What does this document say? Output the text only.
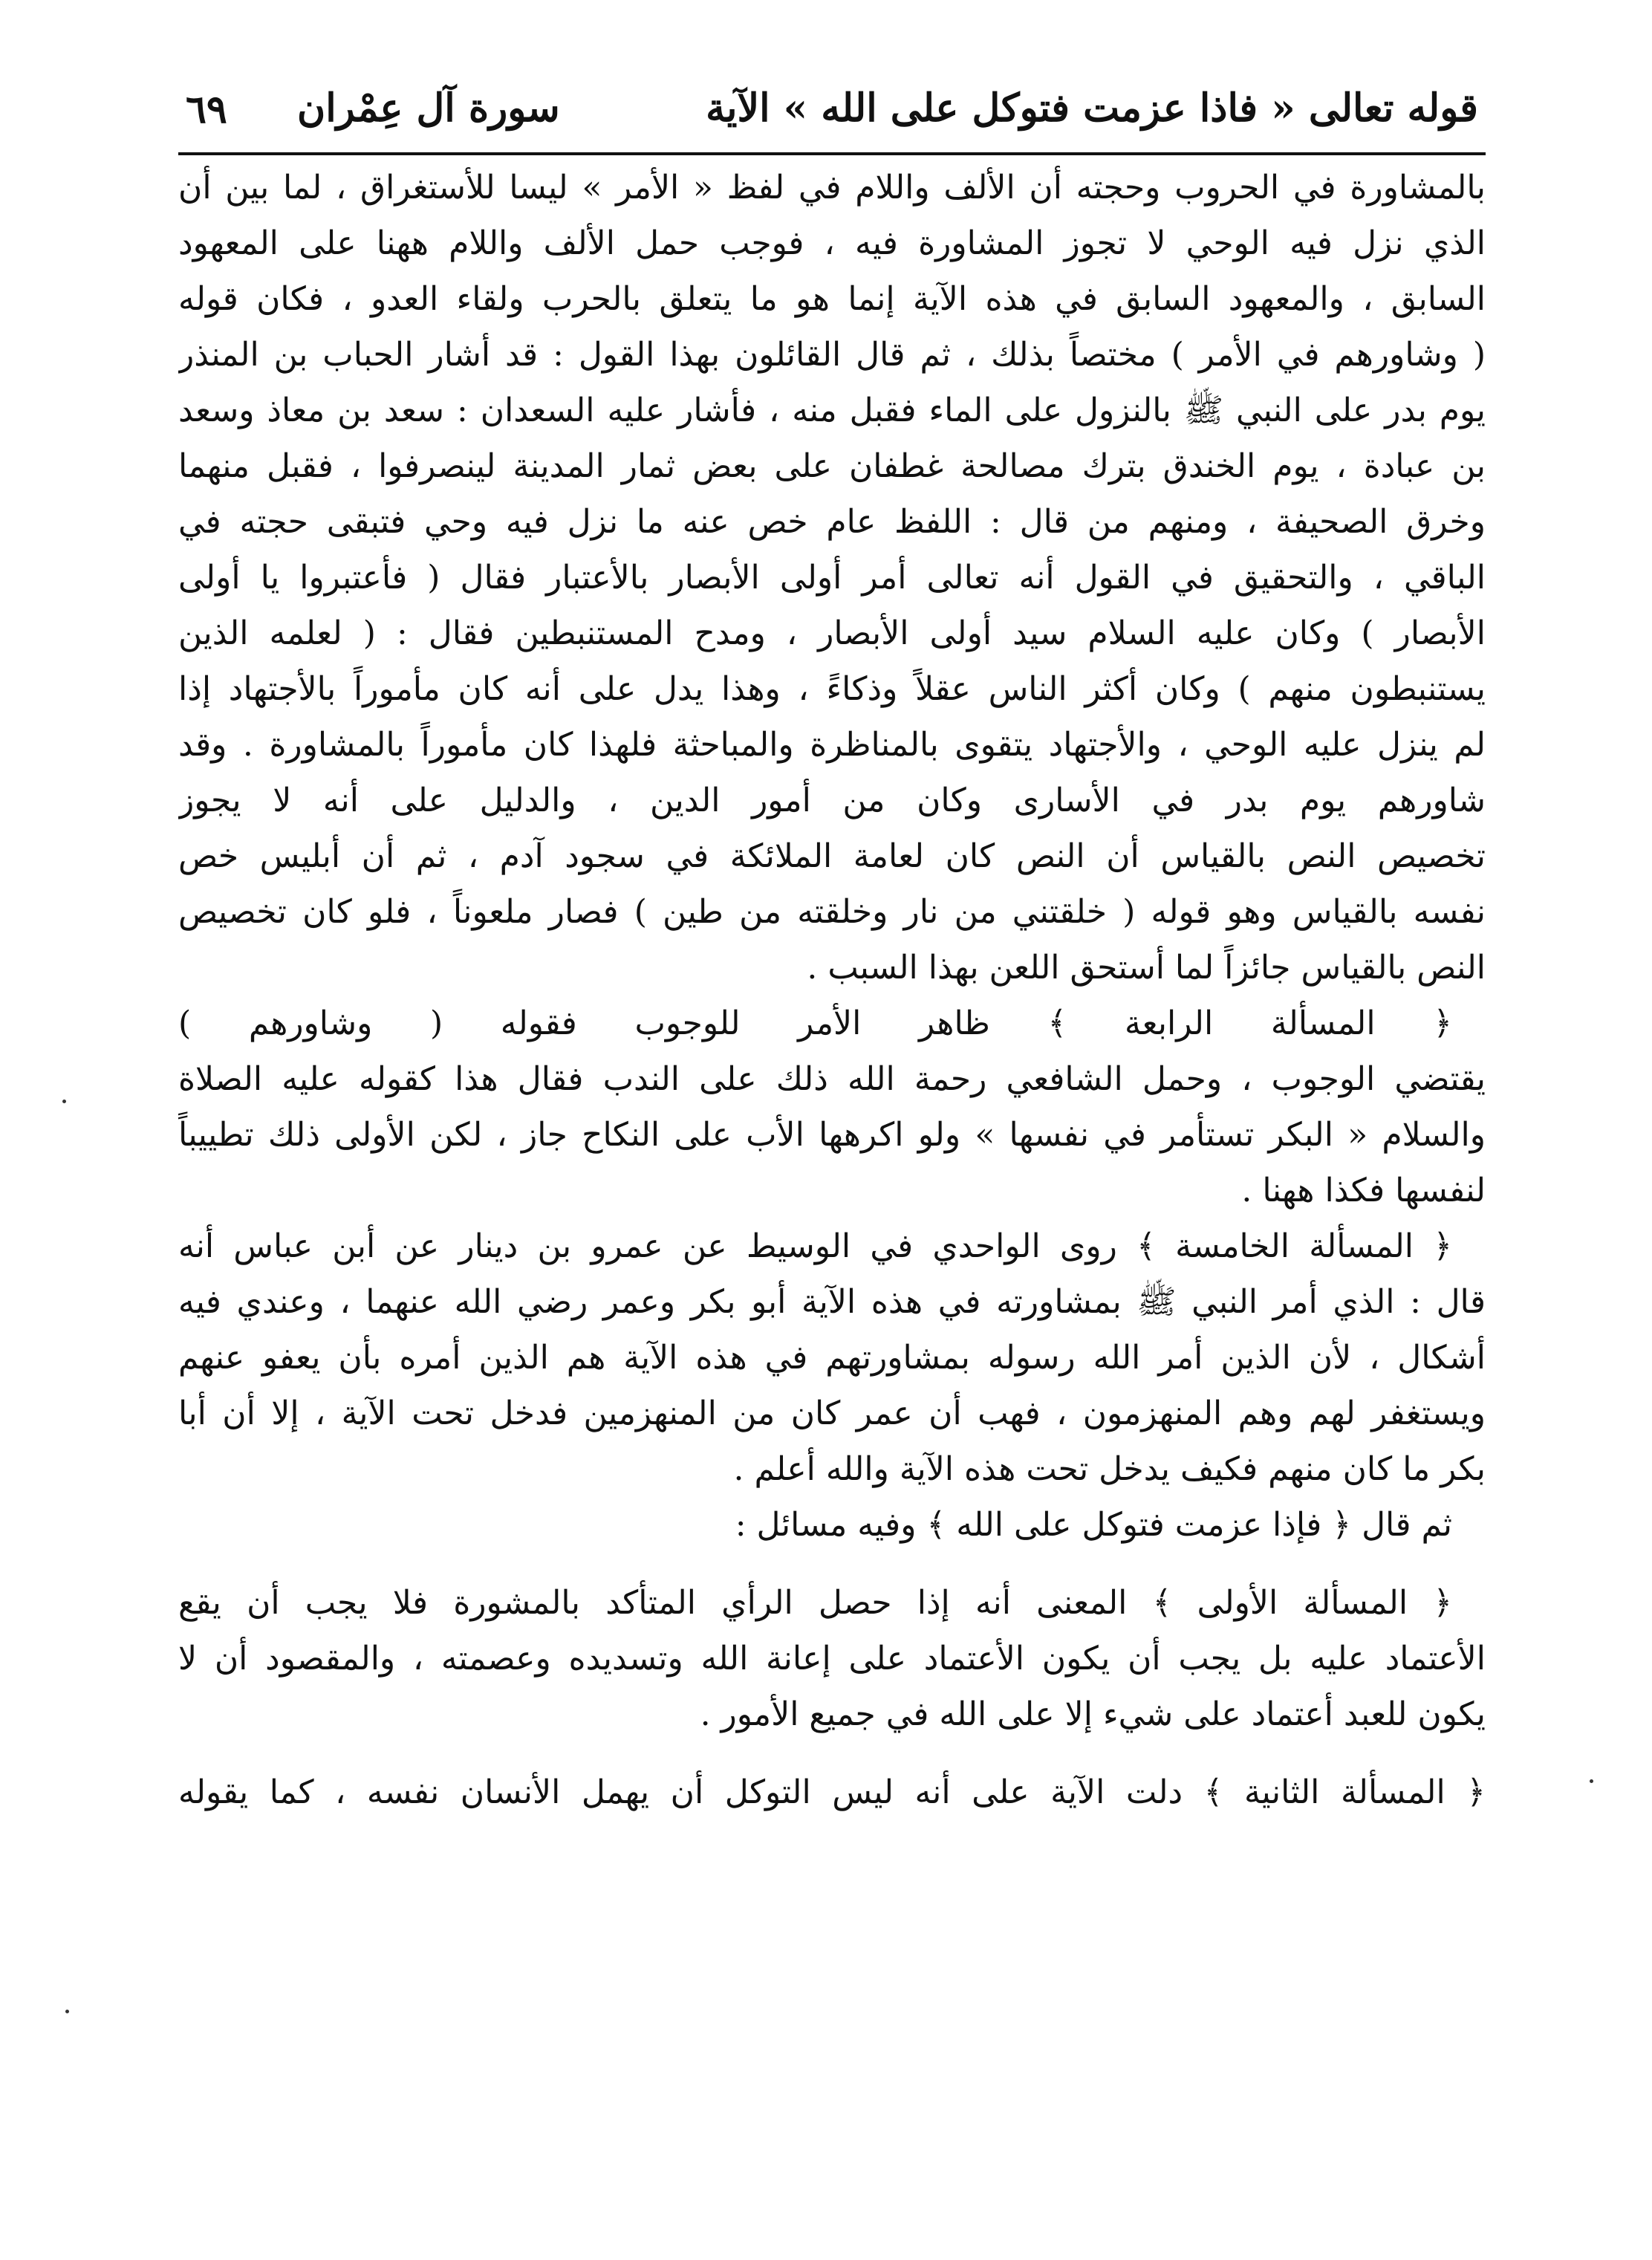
قوله تعالى « فاذا عزمت فتوكل على الله » الآية
سورة آل عِمْران
٦٩
بالمشاورة في الحروب وحجته أن الألف واللام في لفظ « الأمر » ليسا للأستغراق ، لما بين أن
الذي نزل فيه الوحي لا تجوز المشاورة فيه ، فوجب حمل الألف واللام ههنا على المعهود
السابق ، والمعهود السابق في هذه الآية إنما هو ما يتعلق بالحرب ولقاء العدو ، فكان قوله
( وشاورهم في الأمر ) مختصاً بذلك ، ثم قال القائلون بهذا القول : قد أشار الحباب بن المنذر
يوم بدر على النبي ﷺ بالنزول على الماء فقبل منه ، فأشار عليه السعدان : سعد بن معاذ وسعد
بن عبادة ، يوم الخندق بترك مصالحة غطفان على بعض ثمار المدينة لينصرفوا ، فقبل منهما
وخرق الصحيفة ، ومنهم من قال : اللفظ عام خص عنه ما نزل فيه وحي فتبقى حجته في
الباقي ، والتحقيق في القول أنه تعالى أمر أولى الأبصار بالأعتبار فقال ( فأعتبروا يا أولى
الأبصار ) وكان عليه السلام سيد أولى الأبصار ، ومدح المستنبطين فقال : ( لعلمه الذين
يستنبطون منهم ) وكان أكثر الناس عقلاً وذكاءً ، وهذا يدل على أنه كان مأموراً بالأجتهاد إذا
لم ينزل عليه الوحي ، والأجتهاد يتقوى بالمناظرة والمباحثة فلهذا كان مأموراً بالمشاورة . وقد
شاورهم يوم بدر في الأسارى وكان من أمور الدين ، والدليل على أنه لا يجوز
تخصيص النص بالقياس أن النص كان لعامة الملائكة في سجود آدم ، ثم أن أبليس خص
نفسه بالقياس وهو قوله ( خلقتني من نار وخلقته من طين ) فصار ملعوناً ، فلو كان تخصيص
النص بالقياس جائزاً لما أستحق اللعن بهذا السبب .
﴿ المسألة الرابعة ﴾ ظاهر الأمر للوجوب فقوله ( وشاورهم )
يقتضي الوجوب ، وحمل الشافعي رحمة الله ذلك على الندب فقال هذا كقوله عليه الصلاة
والسلام « البكر تستأمر في نفسها » ولو اكرهها الأب على النكاح جاز ، لكن الأولى ذلك تطييباً
لنفسها فكذا ههنا .
﴿ المسألة الخامسة ﴾ روى الواحدي في الوسيط عن عمرو بن دينار عن أبن عباس أنه
قال : الذي أمر النبي ﷺ بمشاورته في هذه الآية أبو بكر وعمر رضي الله عنهما ، وعندي فيه
أشكال ، لأن الذين أمر الله رسوله بمشاورتهم في هذه الآية هم الذين أمره بأن يعفو عنهم
ويستغفر لهم وهم المنهزمون ، فهب أن عمر كان من المنهزمين فدخل تحت الآية ، إلا أن أبا
بكر ما كان منهم فكيف يدخل تحت هذه الآية والله أعلم .
ثم قال ﴿ فإذا عزمت فتوكل على الله ﴾ وفيه مسائل :
﴿ المسألة الأولى ﴾ المعنى أنه إذا حصل الرأي المتأكد بالمشورة فلا يجب أن يقع
الأعتماد عليه بل يجب أن يكون الأعتماد على إعانة الله وتسديده وعصمته ، والمقصود أن لا
يكون للعبد أعتماد على شيء إلا على الله في جميع الأمور .
﴿ المسألة الثانية ﴾ دلت الآية على أنه ليس التوكل أن يهمل الأنسان نفسه ، كما يقوله
